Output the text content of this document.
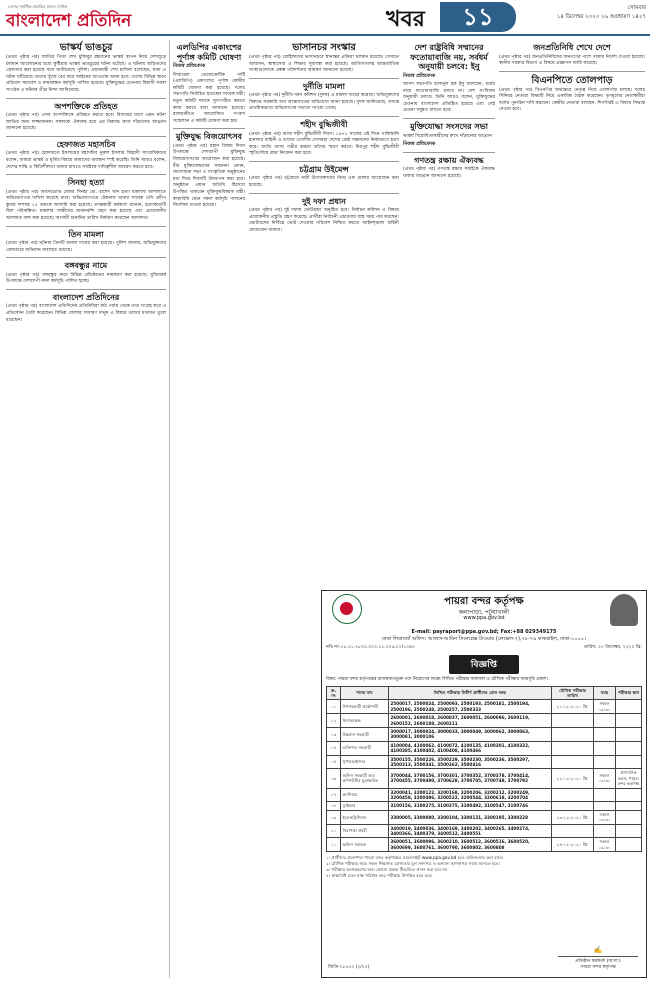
দেশের সর্বাধিক প্রচারিত বাংলা দৈনিক
বাংলাদেশ প্রতিদিন	খবর	১১	সোমবার
১৪ ডিসেম্বর ২০২০ ২৯ অগ্রহায়ণ ১৪২৭
ভাস্কর্য ভাঙচুর

(প্রথম পৃষ্ঠার পর) জাতির পিতা শেখ মুজিবুর রহমানের ভাস্কর্য স্থাপন নিয়ে দেশজুড়ে চলমান আলোচনার মধ্যে কুষ্টিয়ায় ভাস্কর্য ভাঙচুরের ঘটনা ঘটেছে। এ ঘটনায় জড়িতদের গ্রেফতার করা হয়েছে বলে জানিয়েছে পুলিশ। প্রধানমন্ত্রী শেখ হাসিনা বলেছেন, যারা এ ঘটনা ঘটিয়েছে তাদের খুঁজে বের করে আইনের আওতায় আনা হবে। দেশের বিভিন্ন স্থানে প্রতিবাদ সমাবেশ ও মানববন্ধন কর্মসূচি পালিত হয়েছে। মুক্তিযুদ্ধের চেতনায় বিশ্বাসী সকল সংগঠন এ ঘটনার তীব্র নিন্দা জানিয়েছে।

অপশক্তিকে প্রতিহত

(প্রথম পৃষ্ঠার পর) এসব অপশক্তিকে প্রতিহত করতে হবে। বিজয়ের মাসে এমন ঘটনা জাতির জন্য লজ্জাজনক। সকলকে ঐক্যবদ্ধ হয়ে এর বিরুদ্ধে রুখে দাঁড়ানোর আহ্বান জানানো হয়েছে।

হেফাজত মহাসচিব

(প্রথম পৃষ্ঠার পর) হেফাজতে ইসলামের মহাসচিব নুরুল ইসলাম জিহাদী সাংবাদিকদের বলেন, আমরা ভাস্কর্য ও মূর্তির বিষয়ে আমাদের অবস্থান স্পষ্ট করেছি। তিনি আরও বলেন, দেশের শান্তি ও স্থিতিশীলতা বজায় রাখতে সবাইকে দায়িত্বশীল আচরণ করতে হবে।

সিনহা হত্যা

(প্রথম পৃষ্ঠার পর) অবসরপ্রাপ্ত মেজর সিনহা মো. রাশেদ খান হত্যা মামলায় আদালতে অভিযোগপত্র দাখিল করেছে র‌্যাব। অভিযোগপত্রে টেকনাফ থানার সাবেক ওসি প্রদীপ কুমার দাশসহ ১৫ জনকে আসামি করা হয়েছে। তদন্তকারী কর্মকর্তা জানান, হত্যাকাণ্ডটি ছিল পরিকল্পিত। মামলার সাক্ষীদের জবানবন্দি গ্রহণ করা হয়েছে এবং প্রয়োজনীয় আলামত জব্দ করা হয়েছে। আগামী শুনানির তারিখ নির্ধারণ করেছেন আদালত।

তিন মামলা

(প্রথম পৃষ্ঠার পর) ঘটনায় তিনটি মামলা দায়ের করা হয়েছে। পুলিশ জানায়, অভিযুক্তদের গ্রেফতারে অভিযান অব্যাহত রয়েছে।

বঙ্গবন্ধুর নামে

(প্রথম পৃষ্ঠার পর) বঙ্গবন্ধুর নামে বিভিন্ন প্রতিষ্ঠানের নামকরণ করা হয়েছে। মুজিববর্ষ উপলক্ষে দেশব্যাপী নানা কর্মসূচি পালিত হচ্ছে।

বাংলাদেশ প্রতিদিনের

(প্রথম পৃষ্ঠার পর) বাংলাদেশ প্রতিদিনের প্রতিনিধিরা মাঠ পর্যায় থেকে তথ্য সংগ্রহ করে এ প্রতিবেদন তৈরি করেছেন। বিভিন্ন জেলার সাধারণ মানুষ এ বিষয়ে তাদের মতামত তুলে ধরেছেন।

এলডিপির একাংশের পূর্ণাঙ্গ কমিটি ঘোষণা
নিজস্ব প্রতিবেদক

লিবারেল ডেমোক্রেটিক পার্টি (এলডিপি) একাংশের পূর্ণাঙ্গ কেন্দ্রীয় কমিটি ঘোষণা করা হয়েছে। দলের সভাপতি নির্বাচিত হয়েছেন সাবেক মন্ত্রী। নতুন কমিটি দলকে সুসংগঠিত করতে কাজ করবে বলে জানানো হয়েছে। রাজধানীতে আয়োজিত সংবাদ সম্মেলনে এ কমিটি ঘোষণা করা হয়।

মুক্তিযুদ্ধ বিজয়োৎসব

(প্রথম পৃষ্ঠার পর) মহান বিজয় দিবস উপলক্ষে দেশব্যাপী মুক্তিযুদ্ধ বিজয়োৎসবের আয়োজন করা হয়েছে। বীর মুক্তিযোদ্ধাদের সম্মাননা প্রদান, আলোচনা সভা ও সাংস্কৃতিক অনুষ্ঠানের মধ্য দিয়ে দিবসটি উদযাপন করা হবে। অনুষ্ঠানে প্রধান অতিথি হিসেবে উপস্থিত থাকবেন মুক্তিযুদ্ধবিষয়ক মন্ত্রী। স্বাস্থ্যবিধি মেনে সকল কর্মসূচি পালনের নির্দেশনা দেওয়া হয়েছে।

ভাসানচর সংস্কার

(প্রথম পৃষ্ঠার পর) রোহিঙ্গাদের ভাসানচরে স্থানান্তর প্রক্রিয়া চলমান রয়েছে। সেখানে আবাসন, স্বাস্থ্যসেবা ও শিক্ষার সুব্যবস্থা করা হয়েছে। জাতিসংঘসহ আন্তর্জাতিক সংস্থাগুলোকে প্রকল্প পরিদর্শনের আমন্ত্রণ জানানো হয়েছে।

দুর্নীতি মামলা

(প্রথম পৃষ্ঠার পর) দুর্নীতি দমন কমিশন (দুদক) এ মামলা দায়ের করেছে। অভিযুক্তদের বিরুদ্ধে সরকারি অর্থ আত্মসাতের অভিযোগ আনা হয়েছে। দুদক জানিয়েছে, তদন্তে প্রাথমিকভাবে অভিযোগের সত্যতা পাওয়া গেছে।

শহীদ বুদ্ধিজীবী

(প্রথম পৃষ্ঠার পর) আজ শহীদ বুদ্ধিজীবী দিবস। ১৯৭১ সালের এই দিনে পাকিস্তানি হানাদার বাহিনী ও তাদের এদেশীয় দোসররা দেশের শ্রেষ্ঠ সন্তানদের নির্মমভাবে হত্যা করে। জাতি আজ গভীর শ্রদ্ধায় তাঁদের স্মরণ করবে। মিরপুর শহীদ বুদ্ধিজীবী স্মৃতিসৌধে শ্রদ্ধা নিবেদন করা হবে।

চট্টগ্রাম উইমেন্স

(প্রথম পৃষ্ঠার পর) চট্টগ্রামে নারী উদ্যোক্তাদের নিয়ে এক মেলার আয়োজন করা হয়েছে।

দুই দফা প্রধান

(প্রথম পৃষ্ঠার পর) দুই দফায় ভোটগ্রহণ অনুষ্ঠিত হবে। নির্বাচন কমিশন এ বিষয়ে প্রয়োজনীয় প্রস্তুতি গ্রহণ করেছে। প্রার্থীরা নির্বাচনী প্রচারণায় ব্যস্ত সময় পার করছেন। ভোটারদের নির্বিঘ্নে ভোট দেওয়ার পরিবেশ নিশ্চিত করতে আইনশৃঙ্খলা বাহিনী মোতায়েন থাকবে।

দেশ রাষ্ট্রবিধি সম্মানের ফতোয়াবাজি নয়, সর্বধর্ম অনুযায়ী চলবে: ইনু
নিজস্ব প্রতিবেদক

জাসদ সভাপতি হাসানুল হক ইনু বলেছেন, ধর্মের নামে ফতোয়াবাজি চলবে না। দেশ সংবিধান অনুযায়ী চলবে। তিনি আরও বলেন, মুক্তিযুদ্ধের চেতনায় বাংলাদেশ প্রতিষ্ঠিত হয়েছে এবং সেই চেতনা সমুন্নত রাখতে হবে।

মুক্তিযোদ্ধা সংসদের সভা

ভাস্কর্য বিরোধিতাকারীদের রুখে দাঁড়ানোর আহ্বান

নিজস্ব প্রতিবেদক
গণতন্ত্র রক্ষায় ঐক্যবদ্ধ

(প্রথম পৃষ্ঠার পর) গণতন্ত্র রক্ষায় সবাইকে ঐক্যবদ্ধ থাকার আহ্বান জানানো হয়েছে।

জনপ্রতিনিধি শেখে দেশে

(প্রথম পৃষ্ঠার পর) জনপ্রতিনিধিদের জনগণের পাশে থাকার নির্দেশ দেওয়া হয়েছে। স্থানীয় সরকার বিভাগ এ বিষয়ে প্রজ্ঞাপন জারি করেছে।

বিএনপিতে তোলপাড়

(প্রথম পৃষ্ঠার পর) বিএনপির অভ্যন্তরে নেতৃত্ব নিয়ে তোলপাড় চলছে। দলের সিনিয়র নেতারা বিষয়টি নিয়ে একাধিক বৈঠক করেছেন। তৃণমূলের নেতাকর্মীরা দলের পুনর্গঠন দাবি করছেন। কেন্দ্রীয় নেতারা বলছেন, শিগগিরই এ বিষয়ে সিদ্ধান্ত নেওয়া হবে।

পায়রা বন্দর কর্তৃপক্ষ
কলাপাড়া, পটুয়াখালী
www.ppa.gov.bd
E-mail: payraport@ppa.gov.bd; Fax:+88 029349175
ঢাকা লিয়াজোঁ অফিস: আজাদ-আমিন সিনেপ্লেক্স টাওয়ার (লেভেল-৭),৭৮-৭৯ কাকরাইল, ঢাকা-১০০০।
নথি নং-১৮.২১.৭৮০০.০০০.১১.০২৬.২০/১০৯০	তারিখ: ২০ ডিসেম্বর, ২০২০ খ্রি:
বিজ্ঞপ্তি
বিষয়: পায়রা বন্দর কর্তৃপক্ষের রাজস্বখাতভুক্ত পদে নিয়োগের লক্ষ্যে লিখিত পরীক্ষার ফলাফল ও মৌখিক পরীক্ষার সময়সূচি প্রকাশ।
ক্র. নং	পদের নাম	লিখিত পরীক্ষায় উত্তীর্ণ প্রার্থীদের রোল নম্বর	মৌখিক পরীক্ষার তারিখ	সময়	পরীক্ষার স্থান
০১	উপসহকারী প্রকৌশলী	2500017, 2500024, 2500093, 2500193, 2500181, 2500194, 2500196, 2500248, 2500257, 2500333	২১-১২-২০২০ খ্রি:	সকাল ০৯:৩০	
০২	হিসাবরক্ষক	2600001, 2600018, 2600037, 2600051, 2600096, 2600119, 2600152, 2600188, 2600211			
০৩	উচ্চমান সহকারী	3000017, 3000024, 3000033, 3000049, 3000062, 3000063, 3000081, 3000106			
০৪	ব্যক্তিগত সহকারী	4100004, 4100062, 4100072, 4100135, 4100301, 4100332, 4100385, 4100402, 4100408, 4100466			
০৫	সুপারভাইজার	3500155, 3500226, 3500229, 3500230, 3500236, 3500297, 3500313, 3500341, 3500362, 3500416			
০৬	অফিস সহকারী কাম কম্পিউটার মুদ্রাক্ষরিক	3700044, 3700156, 3700301, 3700352, 3700378, 3700414, 3700455, 3700490, 3700628, 3700705, 3700748, 3700792	২২-১২-২০২০ খ্রি:	সকাল ০৯:৩০	প্রশাসনিক ভবন, পায়রা বন্দর কর্তৃপক্ষ
০৭	ক্যাশিয়ার	3200041, 3200122, 3200168, 3200206, 3200212, 3200249, 3200458, 3200496, 3200522, 3200544, 3200618, 3200704			
০৮	ড্রাইভার	3100156, 3100275, 3100375, 3100492, 3100547, 3100746			
০৯	ইলেকট্রিশিয়ান	3300005, 3300080, 3300104, 3300131, 3300195, 3300228	২৩-১২-২০২০ খ্রি:	সকাল ০৯:৩০	
১০	নিরাপত্তা প্রহরী	3400019, 3400036, 3400169, 3400202, 3400265, 3400274, 3400366, 3400379, 3400512, 3400551			
১১	অফিস সহায়ক	3600051, 3600096, 3600210, 3600512, 3600516, 3600520, 3600699, 3600761, 3600790, 3600802, 3600808	২৪-১২-২০২০ খ্রি:	সকাল ০৯:৩০	
১। প্রার্থীদের প্রবেশপত্র পায়রা বন্দর কর্তৃপক্ষের ওয়েবসাইট www.ppa.gov.bd হতে ডাউনলোড করা যাবে।
২। মৌখিক পরীক্ষার সময় সকল শিক্ষাগত যোগ্যতার মূল সনদপত্র ও অন্যান্য কাগজপত্র সাথে আনতে হবে।
৩। পরীক্ষায় অংশগ্রহণের জন্য কোনো প্রকার টিএ/ডিএ প্রদান করা হবে না।
৪। স্বাস্থ্যবিধি মেনে মাস্ক পরিধান করে পরীক্ষায় উপস্থিত হতে হবে।
✍
প্রতিষ্ঠান কর্মকর্তা (অ:দা:)
পায়রা বন্দর কর্তৃপক্ষ
জিডি-২৮১৫০ (২/২০)
